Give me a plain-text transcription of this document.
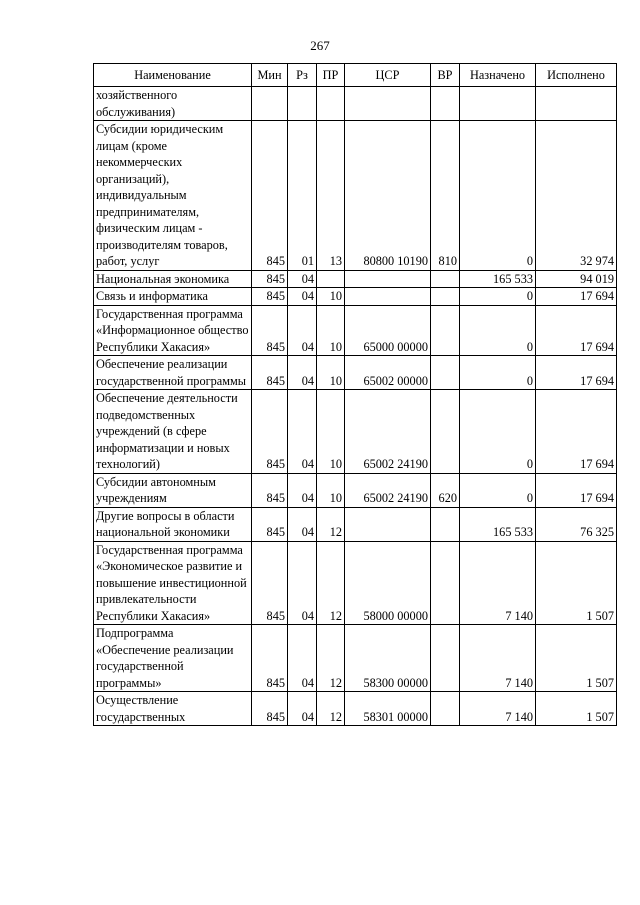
267
Наименование	Мин	Рз	ПР	ЦСР	ВР	Назначено	Исполнено
хозяйственного обслуживания)							
Субсидии юридическим лицам (кроме некоммерческих организаций), индивидуальным предпринимателям, физическим лицам - производителям товаров, работ, услуг	845	01	13	80800 10190	810	0	32 974
Национальная экономика	845	04				165 533	94 019
Связь и информатика	845	04	10			0	17 694
Государственная программа «Информационное общество Республики Хакасия»	845	04	10	65000 00000		0	17 694
Обеспечение реализации государственной программы	845	04	10	65002 00000		0	17 694
Обеспечение деятельности подведомственных учреждений (в сфере информатизации и новых технологий)	845	04	10	65002 24190		0	17 694
Субсидии автономным учреждениям	845	04	10	65002 24190	620	0	17 694
Другие вопросы в области национальной экономики	845	04	12			165 533	76 325
Государственная программа «Экономическое развитие и повышение инвестиционной привлекательности Республики Хакасия»	845	04	12	58000 00000		7 140	1 507
Подпрограмма «Обеспечение реализации государственной программы»	845	04	12	58300 00000		7 140	1 507
Осуществление государственных	845	04	12	58301 00000		7 140	1 507
